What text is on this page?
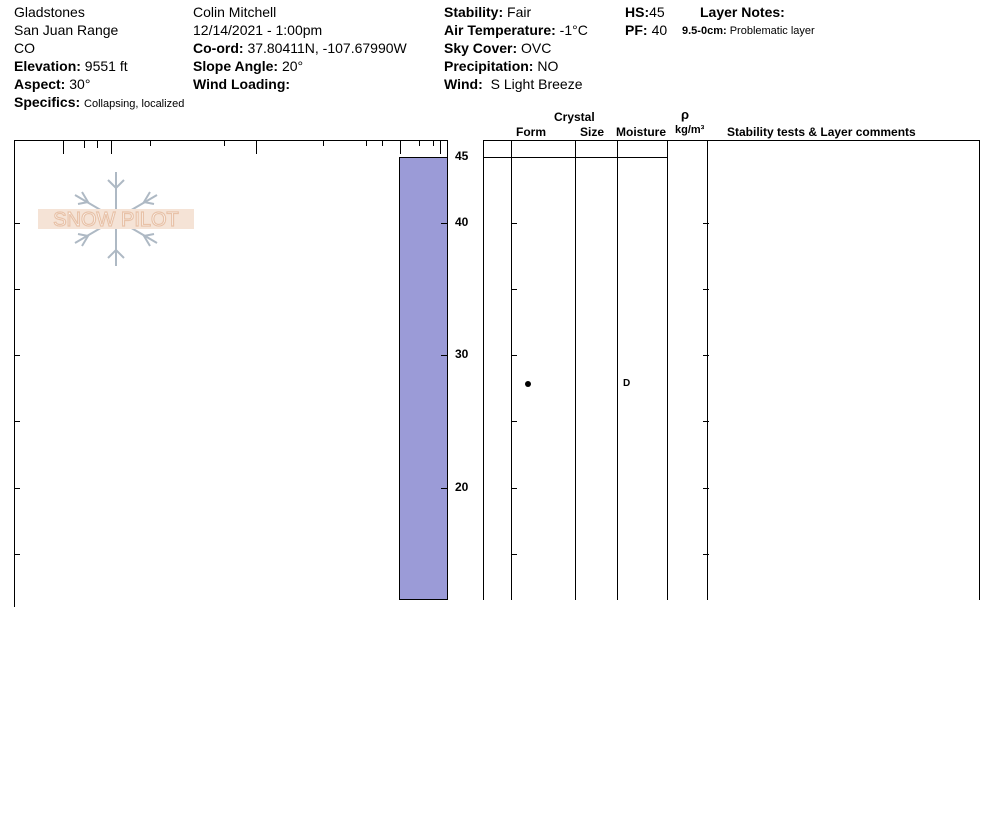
Gladstones
San Juan Range
CO
Elevation: 9551 ft
Aspect: 30°
Specifics: Collapsing, localized
Colin Mitchell
12/14/2021 - 1:00pm
Co-ord: 37.80411N, -107.67990W
Slope Angle: 20°
Wind Loading:
Stability: Fair
Air Temperature: -1°C
Sky Cover: OVC
Precipitation: NO
Wind: S Light Breeze
HS:45
PF: 40
Layer Notes:
9.5-0cm: Problematic layer
Crystal
Form	Size Moisture
ρ
kg/m³ Stability tests & Layer comments
SNOW PILOT
45
40
30
20
D
